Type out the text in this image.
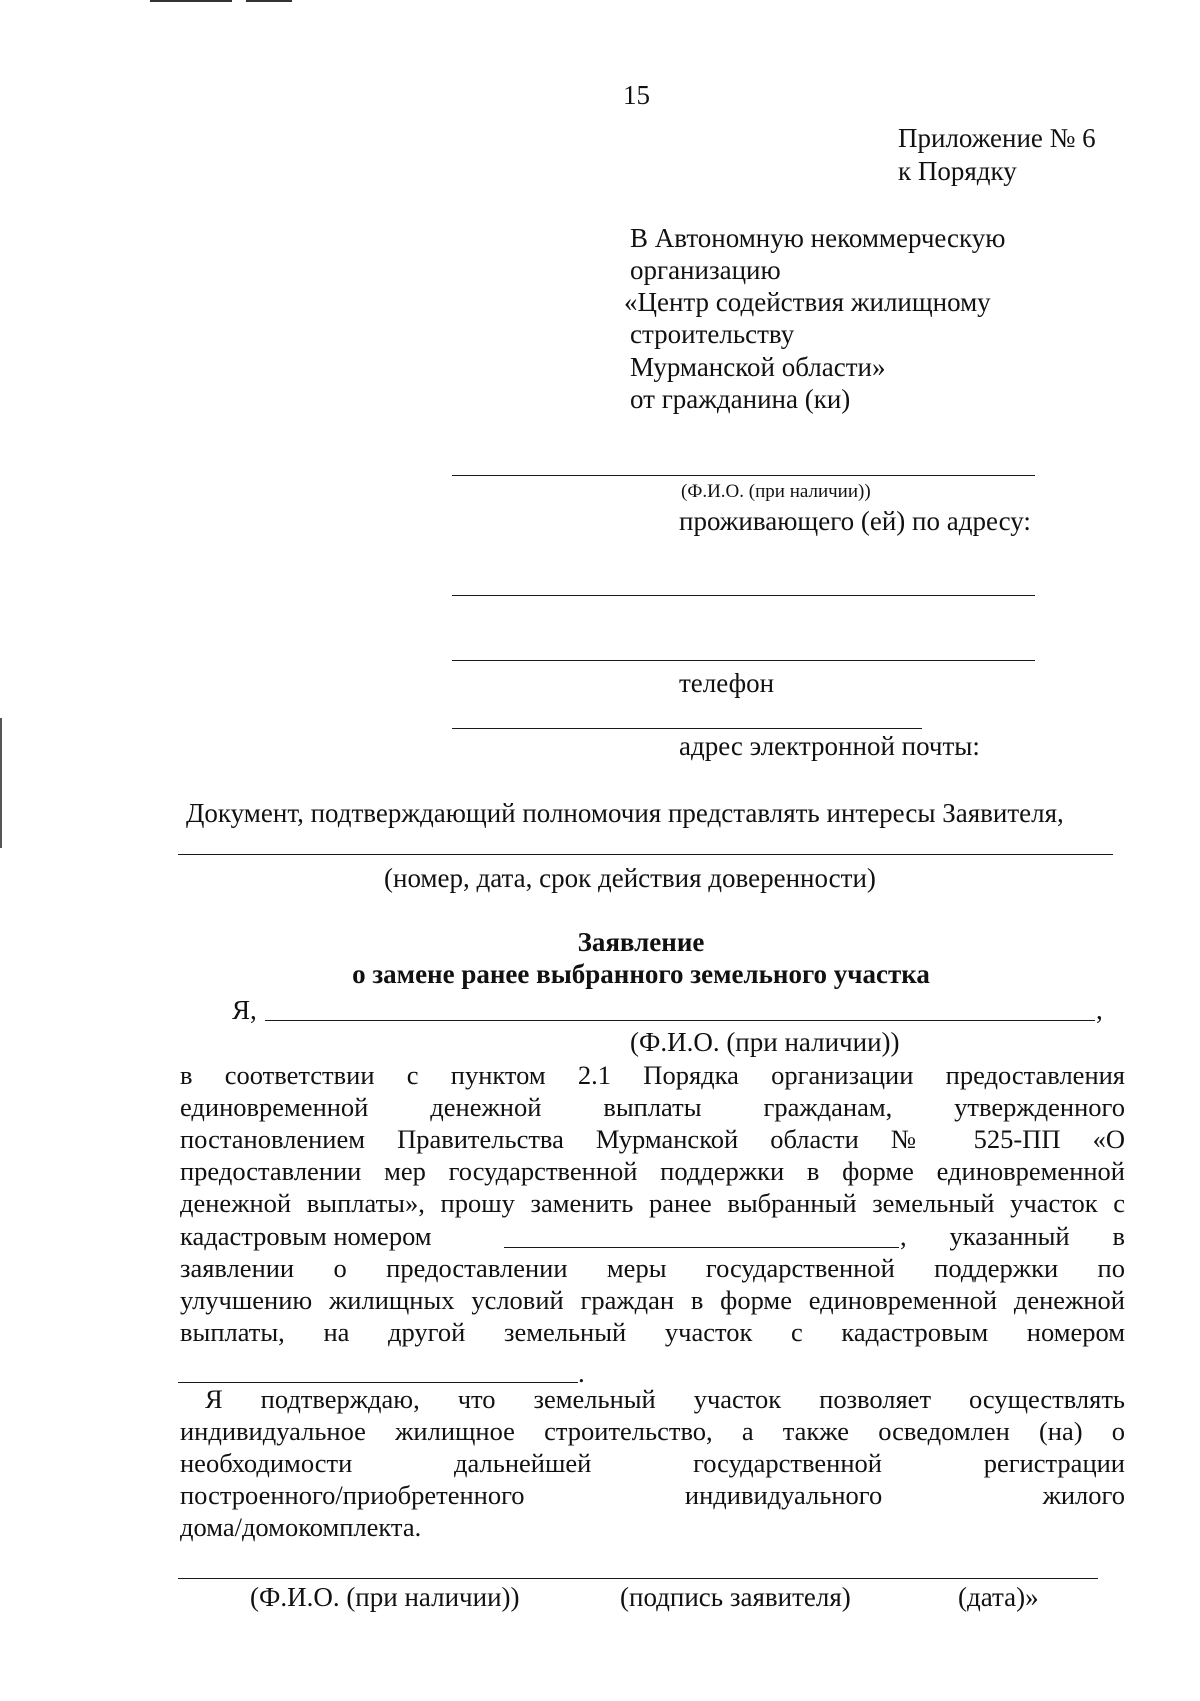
15
Приложение № 6
к Порядку
В Автономную некоммерческую
организацию
«Центр содействия жилищному
строительству
Мурманской области»
от гражданина (ки)
(Ф.И.О. (при наличии))
проживающего (ей) по адресу:
телефон
адрес электронной почты:
Документ, подтверждающий полномочия представлять интересы Заявителя,
(номер, дата, срок действия доверенности)
Заявление
о замене ранее выбранного земельного участка
Я,	,
(Ф.И.О. (при наличии))
в соответствии с пунктом 2.1 Порядка организации предоставления
единовременной денежной выплаты гражданам, утвержденного
постановлением Правительства Мурманской области № 525-ПП «О
предоставлении мер государственной поддержки в форме единовременной
денежной выплаты», прошу заменить ранее выбранный земельный участок с
кадастровым номером	, указанный в
заявлении о предоставлении меры государственной поддержки по
улучшению жилищных условий граждан в форме единовременной денежной
выплаты, на другой земельный участок с кадастровым номером
.
Я подтверждаю, что земельный участок позволяет осуществлять
индивидуальное жилищное строительство, а также осведомлен (на) о
необходимости дальнейшей государственной регистрации
построенного/приобретенного индивидуального жилого
дома/домокомплекта.
(Ф.И.О. (при наличии))	(подпись заявителя)	(дата)»
